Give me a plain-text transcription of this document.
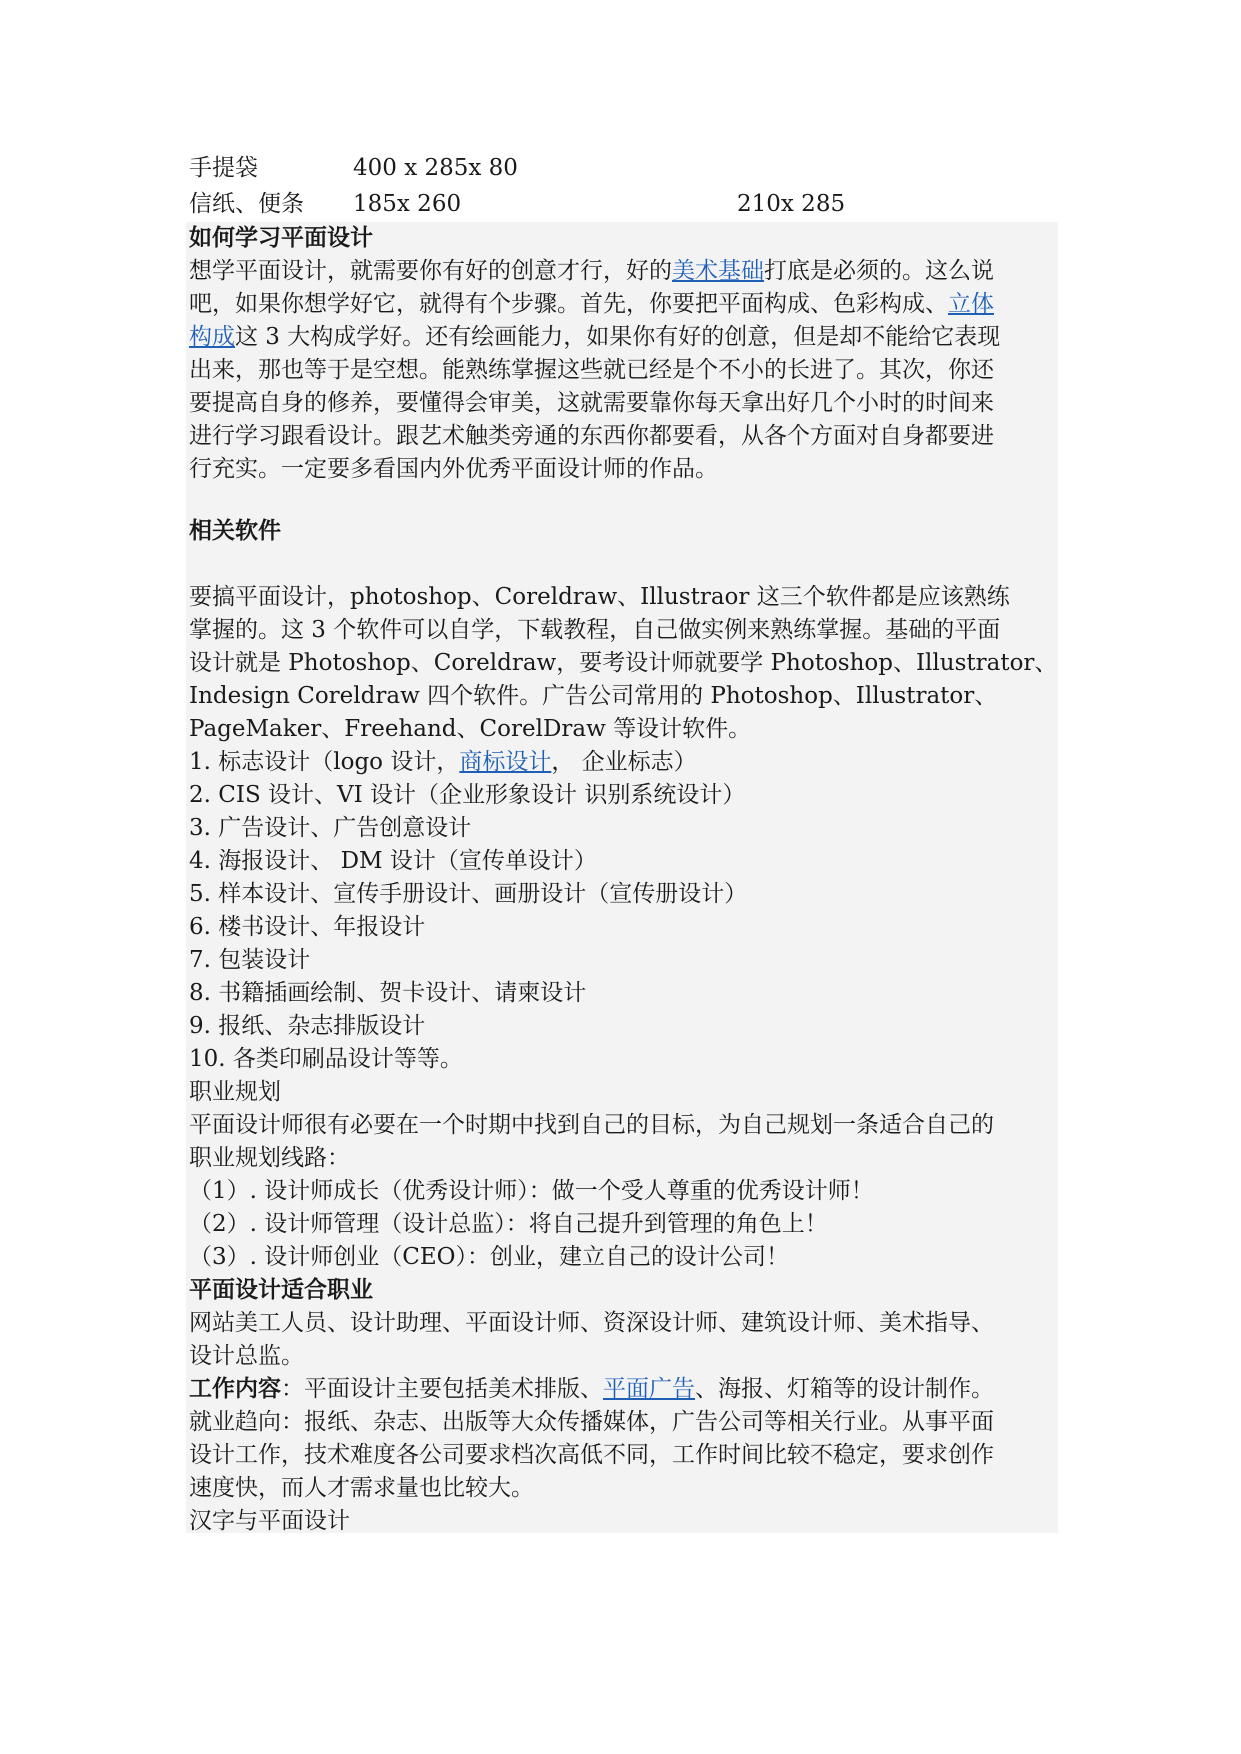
手提袋	400 x 285x 80
信纸、便条 185x 260	210x 285
如何学习平面设计
想学平面设计，就需要你有好的创意才行，好的美术基础打底是必须的。这么说
吧，如果你想学好它，就得有个步骤。首先，你要把平面构成、色彩构成、立体
构成这 3 大构成学好。还有绘画能力，如果你有好的创意，但是却不能给它表现
出来，那也等于是空想。能熟练掌握这些就已经是个不小的长进了。其次，你还
要提高自身的修养，要懂得会审美，这就需要靠你每天拿出好几个小时的时间来
进行学习跟看设计。跟艺术触类旁通的东西你都要看，从各个方面对自身都要进
行充实。一定要多看国内外优秀平面设计师的作品。
相关软件
要搞平面设计，photoshop、Coreldraw、Illustraor 这三个软件都是应该熟练
掌握的。这 3 个软件可以自学，下载教程，自己做实例来熟练掌握。基础的平面
设计就是 Photoshop、Coreldraw，要考设计师就要学 Photoshop、Illustrator、
Indesign Coreldraw 四个软件。广告公司常用的 Photoshop、Illustrator、
PageMaker、Freehand、CorelDraw 等设计软件。
1. 标志设计（logo 设计，商标设计， 企业标志）
2. CIS 设计、VI 设计（企业形象设计 识别系统设计）
3. 广告设计、广告创意设计
4. 海报设计、 DM 设计（宣传单设计）
5. 样本设计、宣传手册设计、画册设计（宣传册设计）
6. 楼书设计、年报设计
7. 包装设计
8. 书籍插画绘制、贺卡设计、请柬设计
9. 报纸、杂志排版设计
10. 各类印刷品设计等等。
职业规划
平面设计师很有必要在一个时期中找到自己的目标，为自己规划一条适合自己的
职业规划线路：
（1）. 设计师成长（优秀设计师）：做一个受人尊重的优秀设计师！
（2）. 设计师管理（设计总监）：将自己提升到管理的角色上！
（3）. 设计师创业（CEO）：创业，建立自己的设计公司！
平面设计适合职业
网站美工人员、设计助理、平面设计师、资深设计师、建筑设计师、美术指导、
设计总监。
工作内容：平面设计主要包括美术排版、平面广告、海报、灯箱等的设计制作。
就业趋向：报纸、杂志、出版等大众传播媒体，广告公司等相关行业。从事平面
设计工作，技术难度各公司要求档次高低不同，工作时间比较不稳定，要求创作
速度快，而人才需求量也比较大。
汉字与平面设计
